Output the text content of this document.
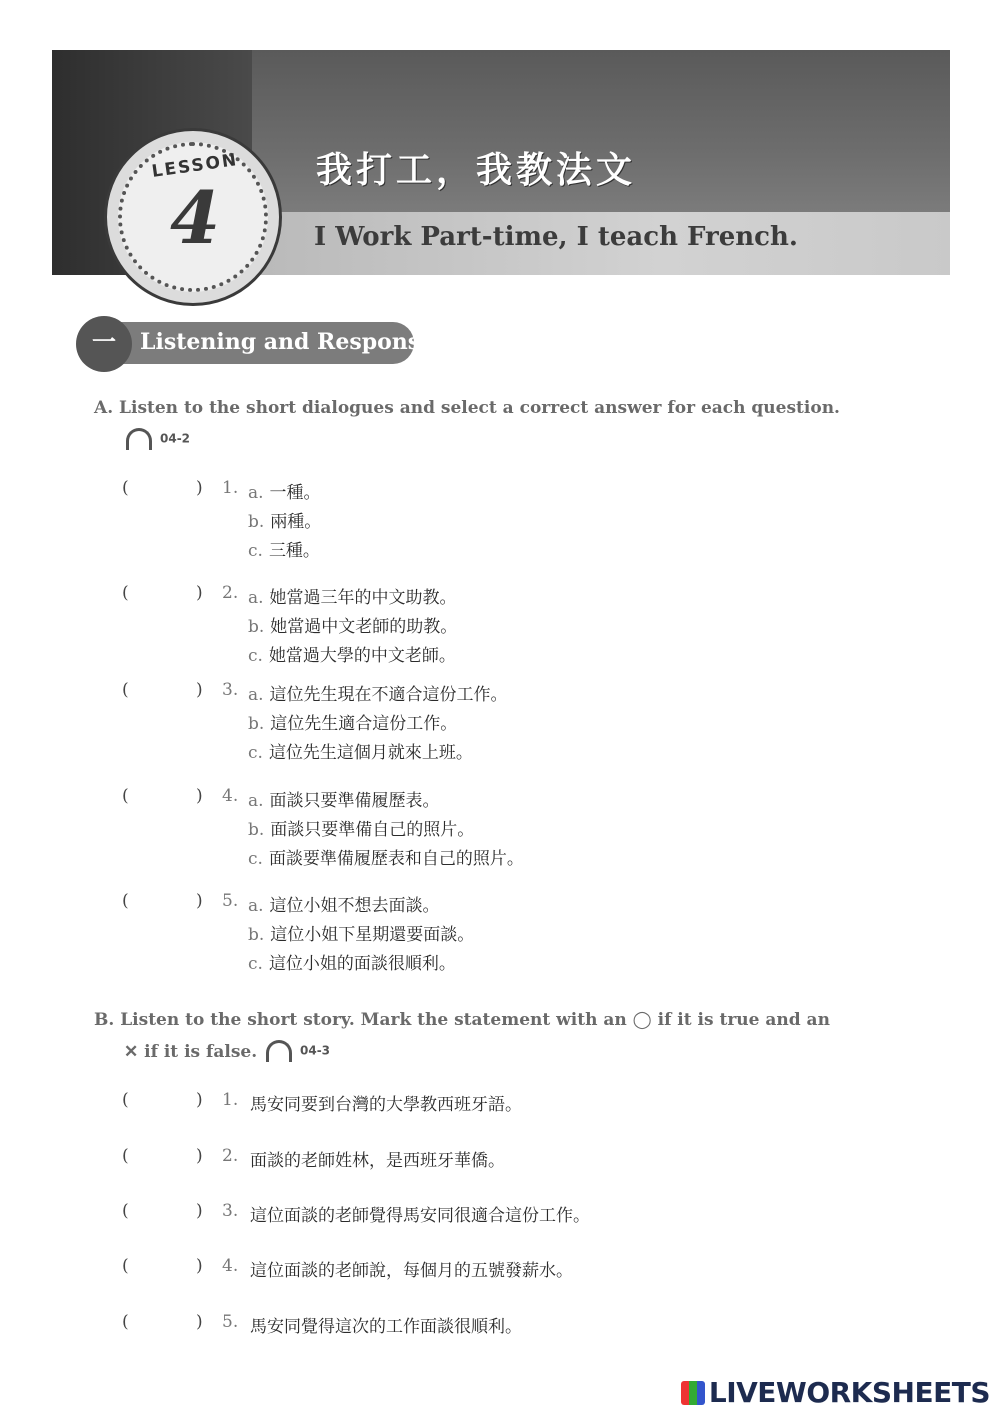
LESSON
4
我打工，我教法文
I Work Part-time, I teach French.
一	Listening and Response
A. Listen to the short dialogues and select a correct answer for each question.
04-2
B. Listen to the short story. Mark the statement with an ◯ if it is true and an
✕ if it is false.	04-3
LIVEWORKSHEETS
(	) 1. a. 一種。
b. 兩種。
c. 三種。
(	) 2. a. 她當過三年的中文助教。
b. 她當過中文老師的助教。
c. 她當過大學的中文老師。
(	) 3. a. 這位先生現在不適合這份工作。
b. 這位先生適合這份工作。
c. 這位先生這個月就來上班。
(	) 4. a. 面談只要準備履歷表。
b. 面談只要準備自己的照片。
c. 面談要準備履歷表和自己的照片。
(	) 5. a. 這位小姐不想去面談。
b. 這位小姐下星期還要面談。
c. 這位小姐的面談很順利。
(	) 1. 馬安同要到台灣的大學教西班牙語。
(	) 2. 面談的老師姓林，是西班牙華僑。
(	) 3. 這位面談的老師覺得馬安同很適合這份工作。
(	) 4. 這位面談的老師說，每個月的五號發薪水。
(	) 5. 馬安同覺得這次的工作面談很順利。
